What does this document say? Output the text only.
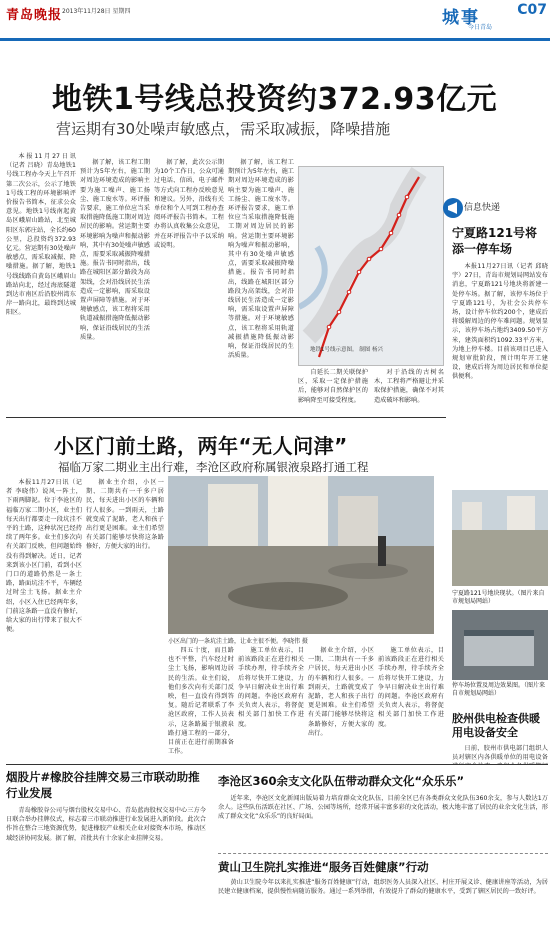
青岛晚报 2013年11月28日 星期四	城事
今日青岛
C07
地铁1号线总投资约372.93亿元
营运期有30处噪声敏感点，需采取减振，降噪措施

本报11月27日讯（记者 吕晓）青岛地铁1号线工程办今天上午召开第二次公示，公示了地铁1号线工程的环境影响评价报告书简本，征求公众意见。地铁1号线南起黄岛区峨眉山路站，北至城阳区东郭庄站，全长约60公里，总投资约372.93亿元。营运期有30处噪声敏感点，需采取减振、降噪措施。据了解，地铁1号线线路自黄岛区峨眉山路站向北，经过海底隧道到达市南区后沿胶州湾东岸一路向北，最终到达城阳区。

据了解，该工程工期预计为5年左右，施工期对周边环境造成的影响主要为施工噪声、施工扬尘、施工废水等。环评报告要求，施工单位应当采取措施降低施工期对周边居民的影响。营运期主要环境影响为噪声和振动影响，其中有30处噪声敏感点，需要采取减振降噪措施。报告书同时指出，线路在城阳区部分路段为高架线，会对沿线居民生活造成一定影响，需采取设置声屏障等措施。对于环境敏感点，该工程将采用轨道减振措施降低振动影响，保证沿线居民的生活质量。

据了解，此次公示期为10个工作日，公众可通过电话、信函、电子邮件等方式向工程办反映意见和建议。另外，沿线有关单位和个人可到工程办查阅环评报告书简本。工程办将认真收集公众意见，并在环评报告中予以采纳或说明。

据了解，该工程工期预计为5年左右，施工期对周边环境造成的影响主要为施工噪声、施工扬尘、施工废水等。环评报告要求，施工单位应当采取措施降低施工期对周边居民的影响。营运期主要环境影响为噪声和振动影响，其中有30处噪声敏感点，需要采取减振降噪措施。报告书同时指出，线路在城阳区部分路段为高架线，会对沿线居民生活造成一定影响，需采取设置声屏障等措施。对于环境敏感点，该工程将采用轨道减振措施降低振动影响，保证沿线居民的生活质量。

地铁1号线示意图。 制图 杨兴

自延长二期关联保护区，采取一定保护措施后，能够对自然保护区的影响降至可接受程度。

对于沿线的古树名木，工程将严格避让并采取保护措施，确保不对其造成破坏和影响。

信息快递
宁夏路121号将添一停车场

本报11月27日讯（记者 邱晓宇）27日，青岛市规划局网站发布消息，宁夏路121号地块将新建一处停车场。据了解，该停车场位于宁夏路121号，为社会公共停车场，设计停车位约200个，建成后将缓解周边的停车难问题。规划显示，该停车场占地约3409.50平方米，建筑面积约1092.33平方米，为地上停车楼。目前该项目已进入规划审批阶段，预计明年开工建设，建成后将为周边居民和单位提供便利。

小区门前土路，两年“无人问津”
福临万家二期业主出行难，李沧区政府称属银液泉路打通工程

本报11月27日讯（记者 李晓伟）说风一阵土，下雨两脚泥。位于李沧区的福临万家二期小区，业主们每天出行都要走一段坑洼不平的土路，这种状况已经持续了两年多。业主们多次向有关部门反映，但问题始终没有得到解决。近日，记者来到该小区门前，看到小区门口的道路仍然是一条土路，路面坑洼不平，车辆经过时尘土飞扬。据业主介绍，小区入住已经两年多，门前这条路一直没有修好，给大家的出行带来了很大不便。

据业主介绍，小区一期、二期共有一千多户居民，每天进出小区的车辆和行人很多。一到雨天，土路就变成了泥路，老人和孩子出行更是困难。业主们希望有关部门能够尽快将这条路修好，方便大家的出行。

小区出门的一条坑洼土路，让业主很不便。李晓伟 摄

四五十度，而且路也不平整，汽车经过时尘土飞扬，影响周边居民的生活。业主们说，他们多次向有关部门反映，但一直没有得到答复。随后记者联系了李沧区政府，工作人员表示，这条路属于银液泉路打通工程的一部分，目前正在进行前期准备工作。

施工单位表示，目前该路段正在进行相关手续办理，待手续齐全后将尽快开工建设，力争早日解决业主出行难的问题。李沧区政府有关负责人表示，将督促相关部门加快工作进度。

据业主介绍，小区一期、二期共有一千多户居民，每天进出小区的车辆和行人很多。一到雨天，土路就变成了泥路，老人和孩子出行更是困难。业主们希望有关部门能够尽快将这条路修好，方便大家的出行。

施工单位表示，目前该路段正在进行相关手续办理，待手续齐全后将尽快开工建设，力争早日解决业主出行难的问题。李沧区政府有关负责人表示，将督促相关部门加快工作进度。

宁夏路121号地块现状。（图片来自市规划局网站）
停车场位置及周边效果图。（图片来自市规划局网站）
胶州供电检查供暖用电设备安全

日前，胶州市供电部门组织人员对辖区内各供暖单位的用电设备

烟股片#橡胶谷挂牌交易三市联动助推行业发展

青岛橡胶谷公司与烟台股权交易中心、青岛蓝海股权交易中心三方今日联合举办挂牌仪式，标志着三市联动推进行业发展进入新阶段。此次合作旨在整合三地资源优势，促进橡胶产业相关企业对接资本市场，推动区域经济协同发展。据了解，首批共有十余家企业挂牌交易。

李沧区360余支文化队伍带动群众文化“众乐乐”

近年来，李沧区文化新闻出版局着力培育群众文化队伍，目前全区已有各类群众文化队伍360余支，参与人数达1万余人。这些队伍活跃在社区、广场、公园等场所，经常开展丰富多彩的文化活动，极大地丰富了居民的业余文化生活，形成了群众文化“众乐乐”的良好局面。

黄山卫生院扎实推进“服务百姓健康”行动

黄山卫生院今年以来扎实推进“服务百姓健康”行动，组织医务人员深入社区、村庄开展义诊、健康讲座等活动，为居民建立健康档案，提供慢性病随访服务。通过一系列举措，有效提升了群众的健康水平，受到了辖区居民的一致好评。
